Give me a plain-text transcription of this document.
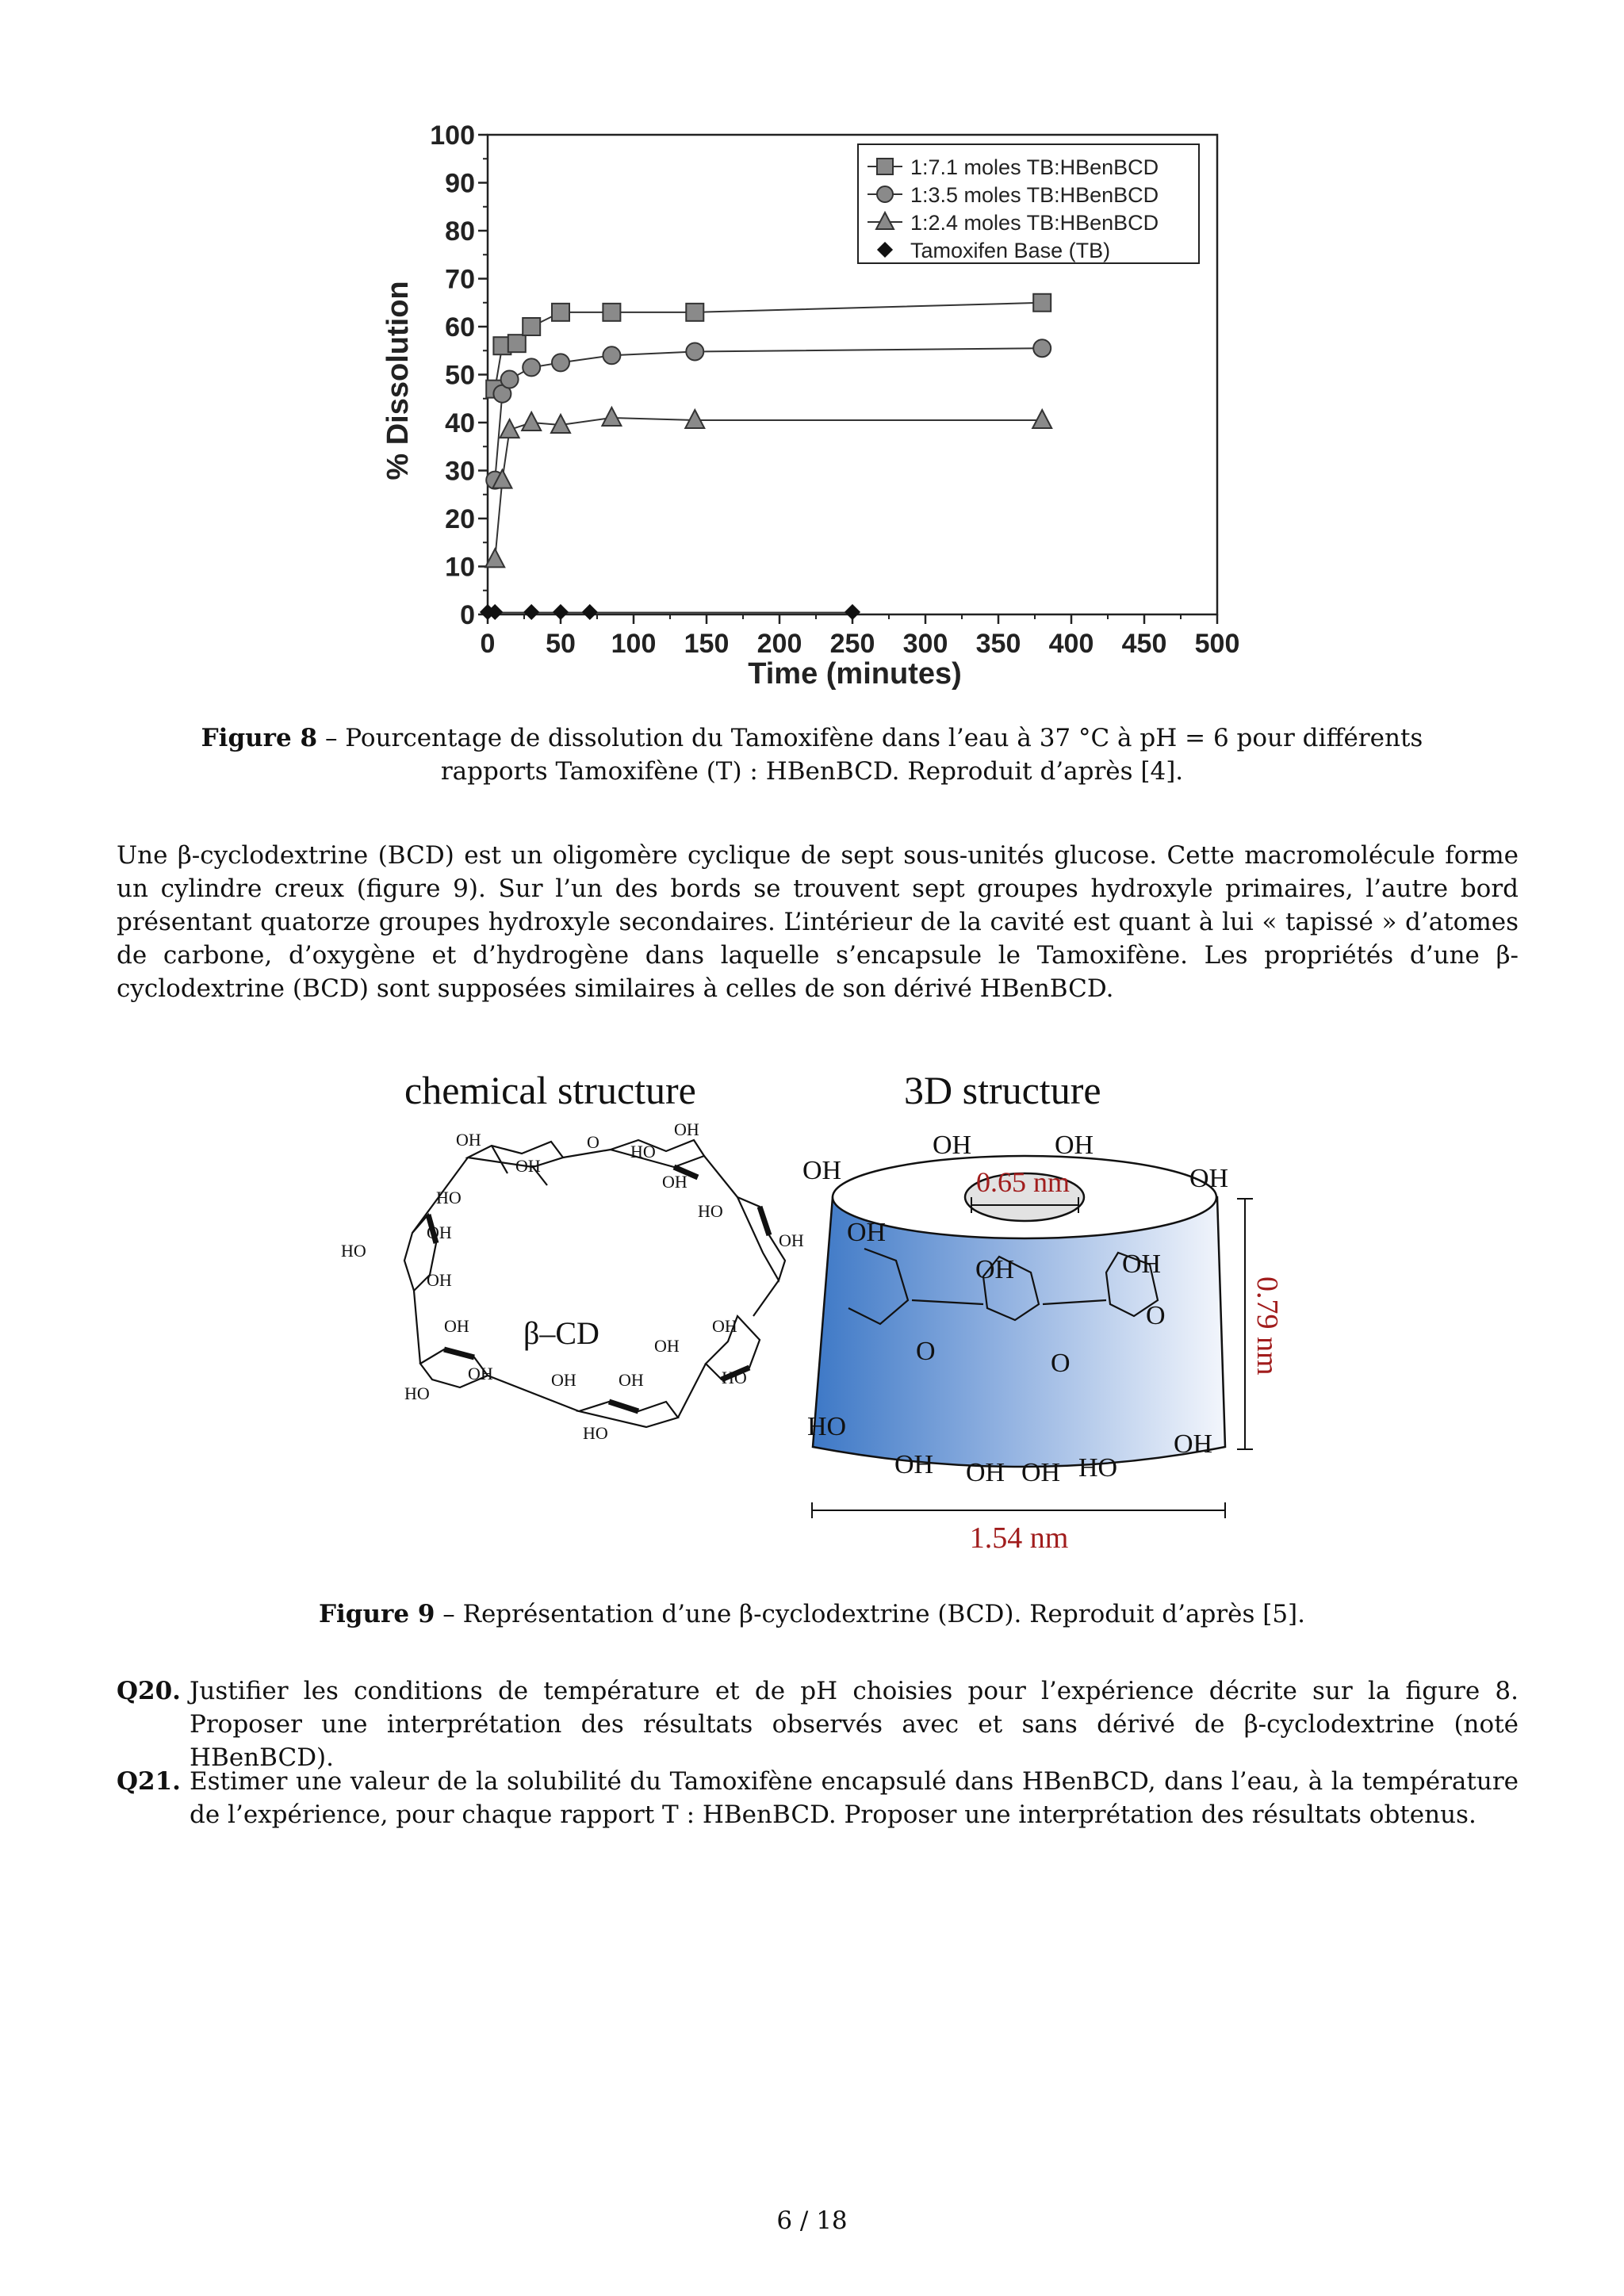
0
10
20
30
40
50
60
70
80
90
100
0 50 100 150 200 250 300 350 400 450 500
1:7.1 moles TB:HBenBCD
1:3.5 moles TB:HBenBCD
1:2.4 moles TB:HBenBCD
Tamoxifen Base (TB)
Time (minutes)
% Dissolution
Figure 8 – Pourcentage de dissolution du Tamoxifène dans l’eau à 37 °C à pH = 6 pour différents rapports Tamoxifène (T) : HBenBCD. Reproduit d’après [4].
Une β-cyclodextrine (BCD) est un oligomère cyclique de sept sous-unités glucose. Cette macromolécule forme un cylindre creux (figure 9). Sur l’un des bords se trouvent sept groupes hydroxyle primaires, l’autre bord présentant quatorze groupes hydroxyle secondaires. L’intérieur de la cavité est quant à lui « tapissé » d’atomes de carbone, d’oxygène et d’hydrogène dans laquelle s’encapsule le Tamoxifène. Les propriétés d’une β-cyclodextrine (BCD) sont supposées similaires à celles de son dérivé HBenBCD.
chemical structure	3D structure
OH	O HO
OH
OH
OH
HO
HO
OH
OH
HO
OH
OH
OH
OH
OH
HO
OH OH	HO
HO
β–CD
OH
OH	OH
OH
OH
OH	OH
O	O
O
HO
OH OH OH HO
OH
0.65 nm
0.79 nm
1.54 nm
Figure 9 – Représentation d’une β-cyclodextrine (BCD). Reproduit d’après [5].
Q20. Justifier les conditions de température et de pH choisies pour l’expérience décrite sur la figure 8. Proposer une interprétation des résultats observés avec et sans dérivé de β-cyclodextrine (noté HBenBCD).
Q21. Estimer une valeur de la solubilité du Tamoxifène encapsulé dans HBenBCD, dans l’eau, à la température de l’expérience, pour chaque rapport T : HBenBCD. Proposer une interprétation des résultats obtenus.
6 / 18
